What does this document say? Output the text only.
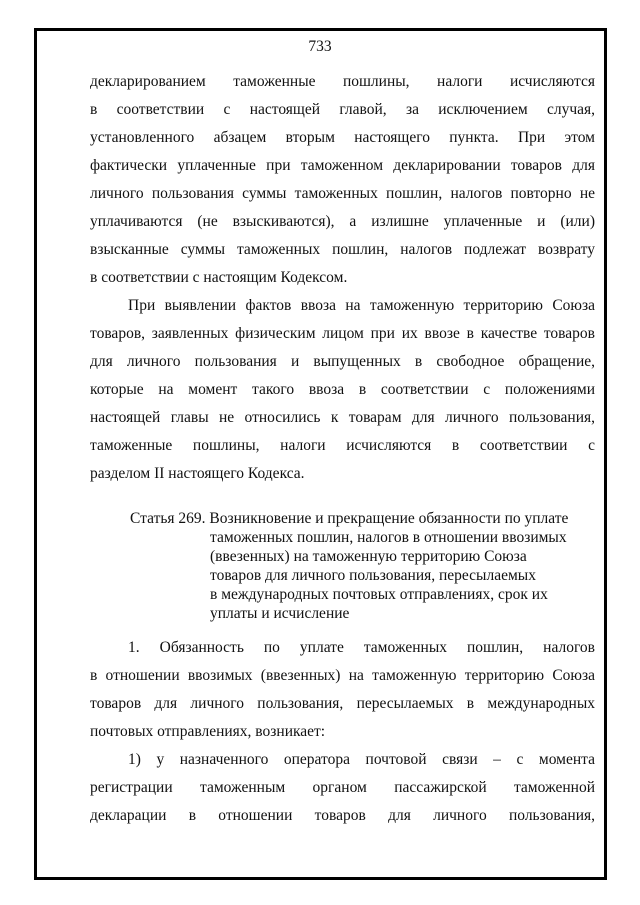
733
декларированием таможенные пошлины, налоги исчисляются
в соответствии с настоящей главой, за исключением случая,
установленного абзацем вторым настоящего пункта. При этом
фактически уплаченные при таможенном декларировании товаров для
личного пользования суммы таможенных пошлин, налогов повторно не
уплачиваются (не взыскиваются), а излишне уплаченные и (или)
взысканные суммы таможенных пошлин, налогов подлежат возврату
в соответствии с настоящим Кодексом.
При выявлении фактов ввоза на таможенную территорию Союза
товаров, заявленных физическим лицом при их ввозе в качестве товаров
для личного пользования и выпущенных в свободное обращение,
которые на момент такого ввоза в соответствии с положениями
настоящей главы не относились к товарам для личного пользования,
таможенные пошлины, налоги исчисляются в соответствии с
разделом II настоящего Кодекса.
Статья 269. Возникновение и прекращение обязанности по уплате
таможенных пошлин, налогов в отношении ввозимых
(ввезенных) на таможенную территорию Союза
товаров для личного пользования, пересылаемых
в международных почтовых отправлениях, срок их
уплаты и исчисление
1. Обязанность по уплате таможенных пошлин, налогов
в отношении ввозимых (ввезенных) на таможенную территорию Союза
товаров для личного пользования, пересылаемых в международных
почтовых отправлениях, возникает:
1) у назначенного оператора почтовой связи – с момента
регистрации таможенным органом пассажирской таможенной
декларации в отношении товаров для личного пользования,
